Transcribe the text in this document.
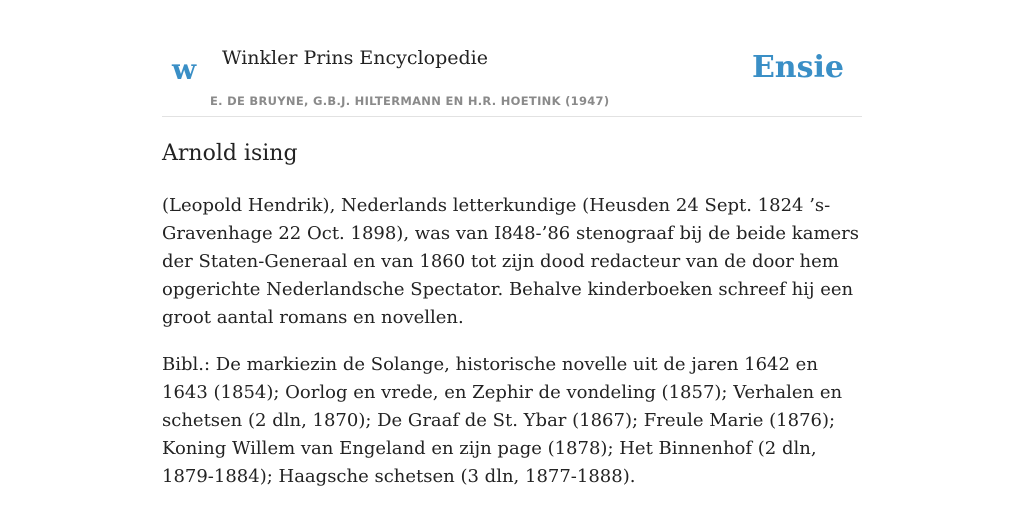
w Winkler Prins Encyclopedie
E. DE BRUYNE, G.B.J. HILTERMANN EN H.R. HOETINK (1947)
Ensie
Arnold ising

(Leopold Hendrik), Nederlands letterkundige (Heusden 24 Sept. 1824 ’s-Gravenhage 22 Oct. 1898), was van I848-’86 stenograaf bij de beide kamers der Staten-Generaal en van 1860 tot zijn dood redacteur van de door hem opgerichte Nederlandsche Spectator. Behalve kinderboeken schreef hij een groot aantal romans en novellen.

Bibl.: De markiezin de Solange, historische novelle uit de jaren 1642 en 1643 (1854); Oorlog en vrede, en Zephir de vondeling (1857); Verhalen en schetsen (2 dln, 1870); De Graaf de St. Ybar (1867); Freule Marie (1876); Koning Willem van Engeland en zijn page (1878); Het Binnenhof (2 dln, 1879-1884); Haagsche schetsen (3 dln, 1877-1888).
